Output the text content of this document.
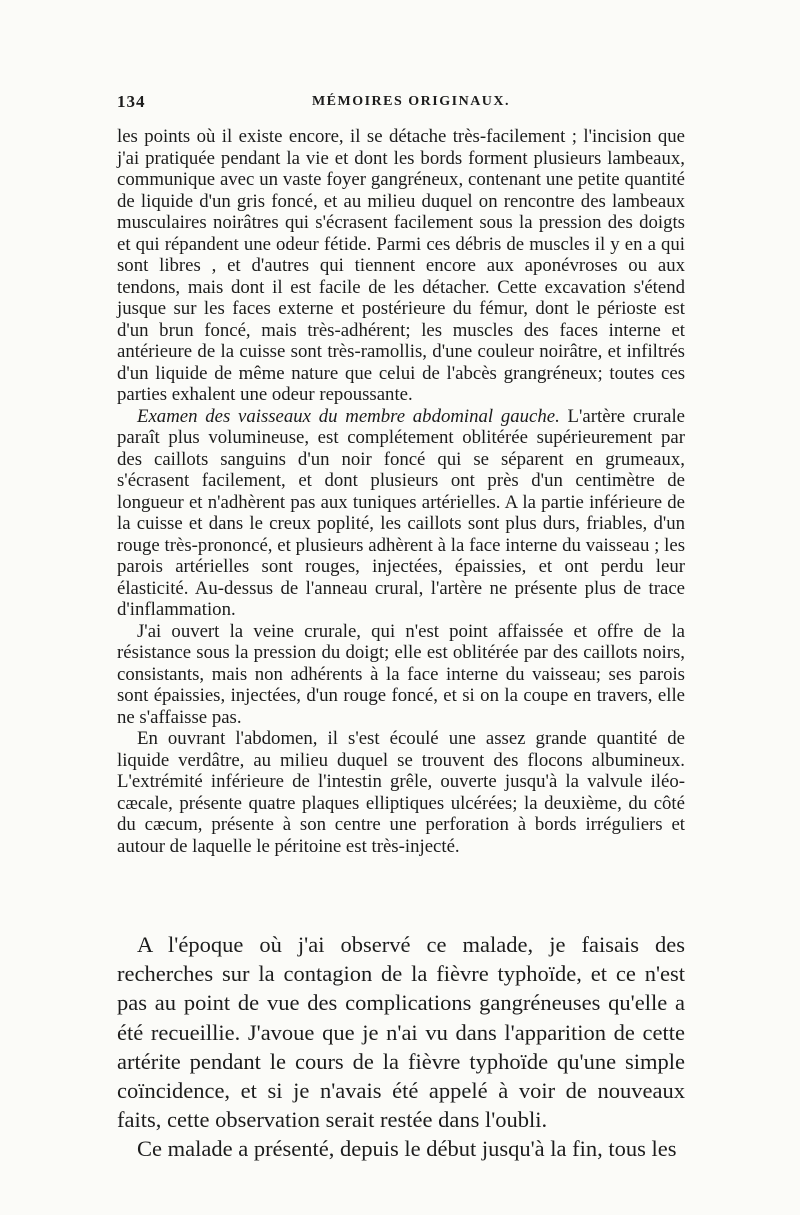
134	MÉMOIRES ORIGINAUX.

les points où il existe encore, il se détache très-facilement ; l'incision que j'ai pratiquée pendant la vie et dont les bords forment plusieurs lambeaux, communique avec un vaste foyer gangréneux, contenant une petite quantité de liquide d'un gris foncé, et au milieu duquel on rencontre des lambeaux musculaires noirâtres qui s'écrasent facilement sous la pression des doigts et qui répandent une odeur fétide. Parmi ces débris de muscles il y en a qui sont libres , et d'autres qui tiennent encore aux aponévroses ou aux tendons, mais dont il est facile de les détacher. Cette excavation s'étend jusque sur les faces externe et postérieure du fémur, dont le périoste est d'un brun foncé, mais très-adhérent; les muscles des faces interne et antérieure de la cuisse sont très-ramollis, d'une couleur noirâtre, et infiltrés d'un liquide de même nature que celui de l'abcès grangréneux; toutes ces parties exhalent une odeur repoussante.

Examen des vaisseaux du membre abdominal gauche. L'artère crurale paraît plus volumineuse, est complétement oblitérée supérieurement par des caillots sanguins d'un noir foncé qui se séparent en grumeaux, s'écrasent facilement, et dont plusieurs ont près d'un centimètre de longueur et n'adhèrent pas aux tuniques artérielles. A la partie inférieure de la cuisse et dans le creux poplité, les caillots sont plus durs, friables, d'un rouge très-prononcé, et plusieurs adhèrent à la face interne du vaisseau ; les parois artérielles sont rouges, injectées, épaissies, et ont perdu leur élasticité. Au-dessus de l'anneau crural, l'artère ne présente plus de trace d'inflammation.

J'ai ouvert la veine crurale, qui n'est point affaissée et offre de la résistance sous la pression du doigt; elle est oblitérée par des caillots noirs, consistants, mais non adhérents à la face interne du vaisseau; ses parois sont épaissies, injectées, d'un rouge foncé, et si on la coupe en travers, elle ne s'affaisse pas.

En ouvrant l'abdomen, il s'est écoulé une assez grande quantité de liquide verdâtre, au milieu duquel se trouvent des flocons albumineux. L'extrémité inférieure de l'intestin grêle, ouverte jusqu'à la valvule iléo-cæcale, présente quatre plaques elliptiques ulcérées; la deuxième, du côté du cæcum, présente à son centre une perforation à bords irréguliers et autour de laquelle le péritoine est très-injecté.

A l'époque où j'ai observé ce malade, je faisais des recherches sur la contagion de la fièvre typhoïde, et ce n'est pas au point de vue des complications gangréneuses qu'elle a été recueillie. J'avoue que je n'ai vu dans l'apparition de cette artérite pendant le cours de la fièvre typhoïde qu'une simple coïncidence, et si je n'avais été appelé à voir de nouveaux faits, cette observation serait restée dans l'oubli.

Ce malade a présenté, depuis le début jusqu'à la fin, tous les
